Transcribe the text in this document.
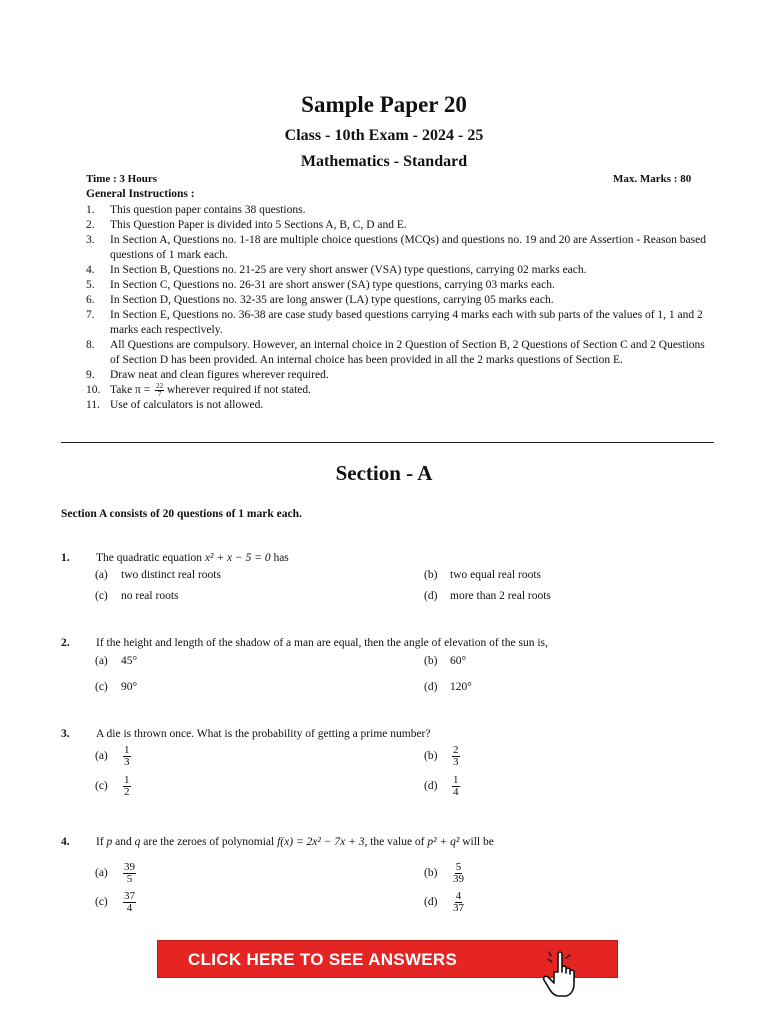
Sample Paper 20
Class - 10th Exam - 2024 - 25
Mathematics - Standard
Time : 3 Hours	Max. Marks : 80
General Instructions :
1. This question paper contains 38 questions.
2. This Question Paper is divided into 5 Sections A, B, C, D and E.
3. In Section A, Questions no. 1-18 are multiple choice questions (MCQs) and questions no. 19 and 20 are Assertion - Reason based questions of 1 mark each.
4. In Section B, Questions no. 21-25 are very short answer (VSA) type questions, carrying 02 marks each.
5. In Section C, Questions no. 26-31 are short answer (SA) type questions, carrying 03 marks each.
6. In Section D, Questions no. 32-35 are long answer (LA) type questions, carrying 05 marks each.
7. In Section E, Questions no. 36-38 are case study based questions carrying 4 marks each with sub parts of the values of 1, 1 and 2 marks each respectively.
8. All Questions are compulsory. However, an internal choice in 2 Question of Section B, 2 Questions of Section C and 2 Questions of Section D has been provided. An internal choice has been provided in all the 2 marks questions of Section E.
9. Draw neat and clean figures wherever required.
10. Take $\pi = \frac{22}{7}$ wherever required if not stated.
11. Use of calculators is not allowed.
Section - A
Section A consists of 20 questions of 1 mark each.
1. The quadratic equation x² + x − 5 = 0 has
(a) two distinct real roots	(b) two equal real roots
(c) no real roots	(d) more than 2 real roots
2. If the height and length of the shadow of a man are equal, then the angle of elevation of the sun is,
(a) 45°	(b) 60°
(c) 90°	(d) 120°
3. A die is thrown once. What is the probability of getting a prime number?
$(a) \frac{1}{3}$	$(b) \frac{2}{3}$
$(c) \frac{1}{2}$	$(d) \frac{1}{4}$
4. If p and q are the zeroes of polynomial f(x) = 2x² − 7x + 3, the value of p² + q² will be
$(a) \frac{39}{5}$	$(b) \frac{5}{39}$
$(c) \frac{37}{4}$	$(d) \frac{4}{37}$
CLICK HERE TO SEE ANSWERS
